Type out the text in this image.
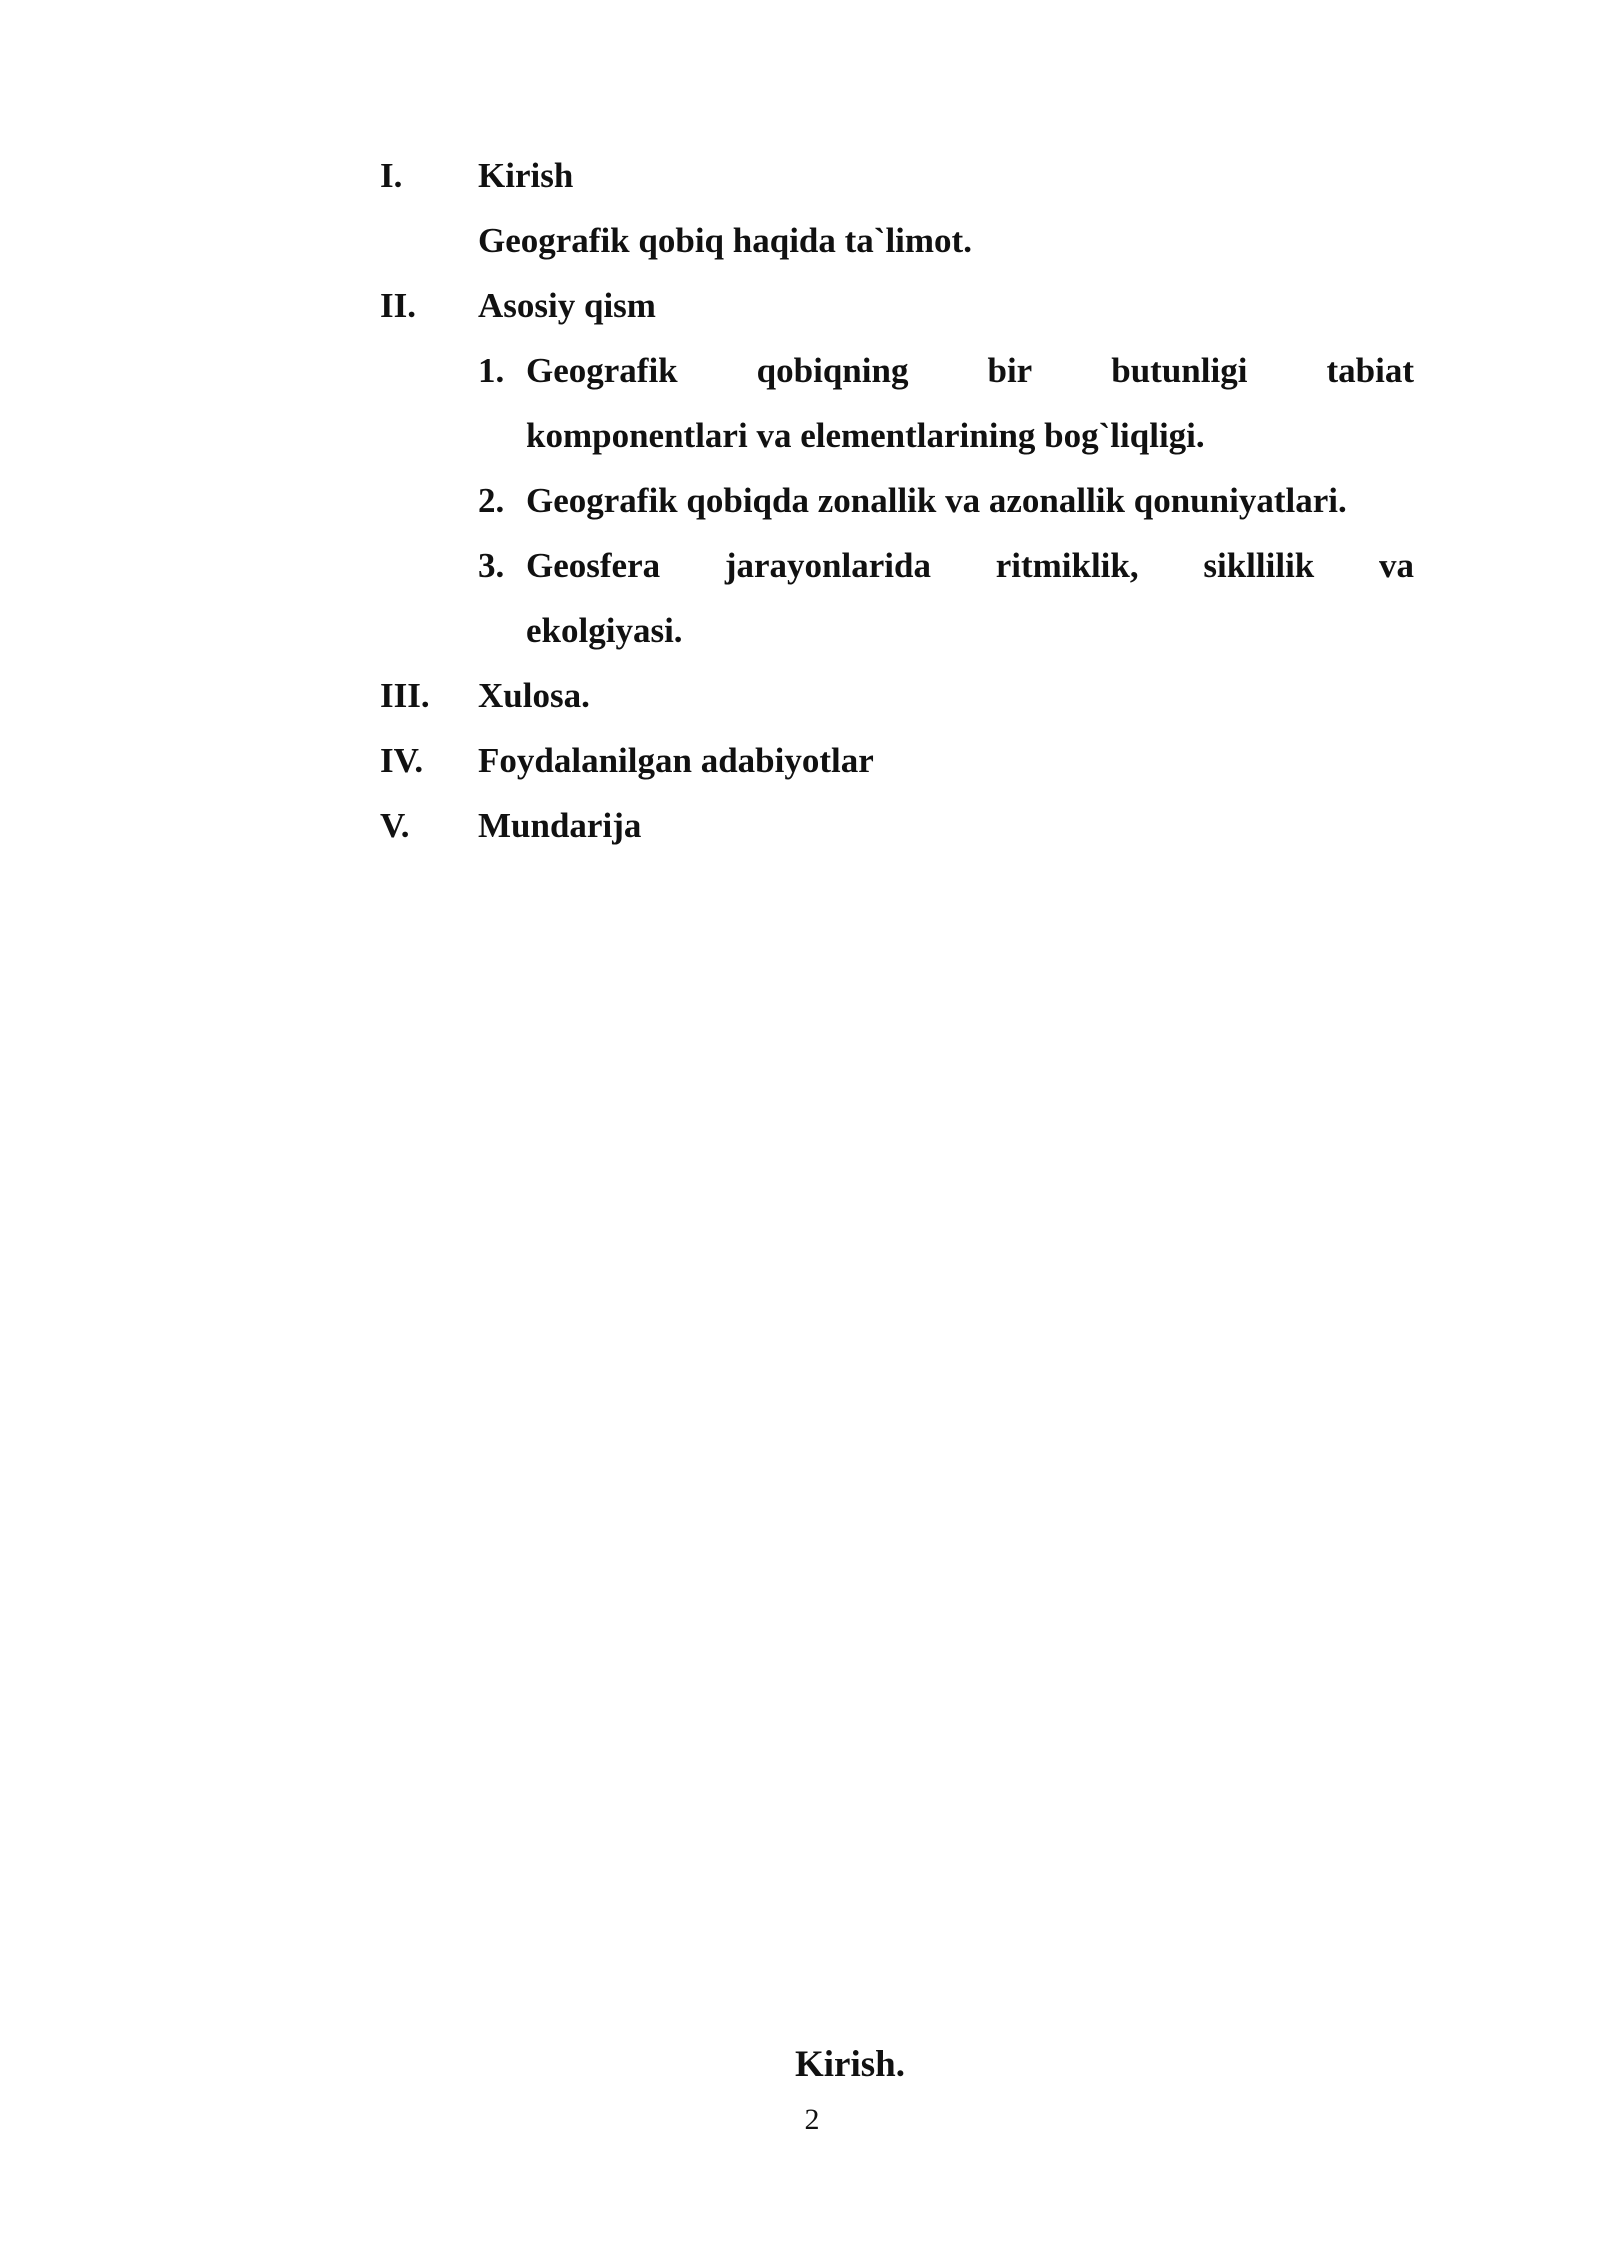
I. Kirish
Geografik qobiq haqida ta`limot.
II. Asosiy qism
1. Geografik qobiqning bir butunligi tabiat
komponentlari va elementlarining bog`liqligi.
2. Geografik qobiqda zonallik va azonallik qonuniyatlari.
3. Geosfera jarayonlarida ritmiklik, sikllilik va
ekolgiyasi.
III. Xulosa.
IV. Foydalanilgan adabiyotlar
V. Mundarija
Kirish.
2
